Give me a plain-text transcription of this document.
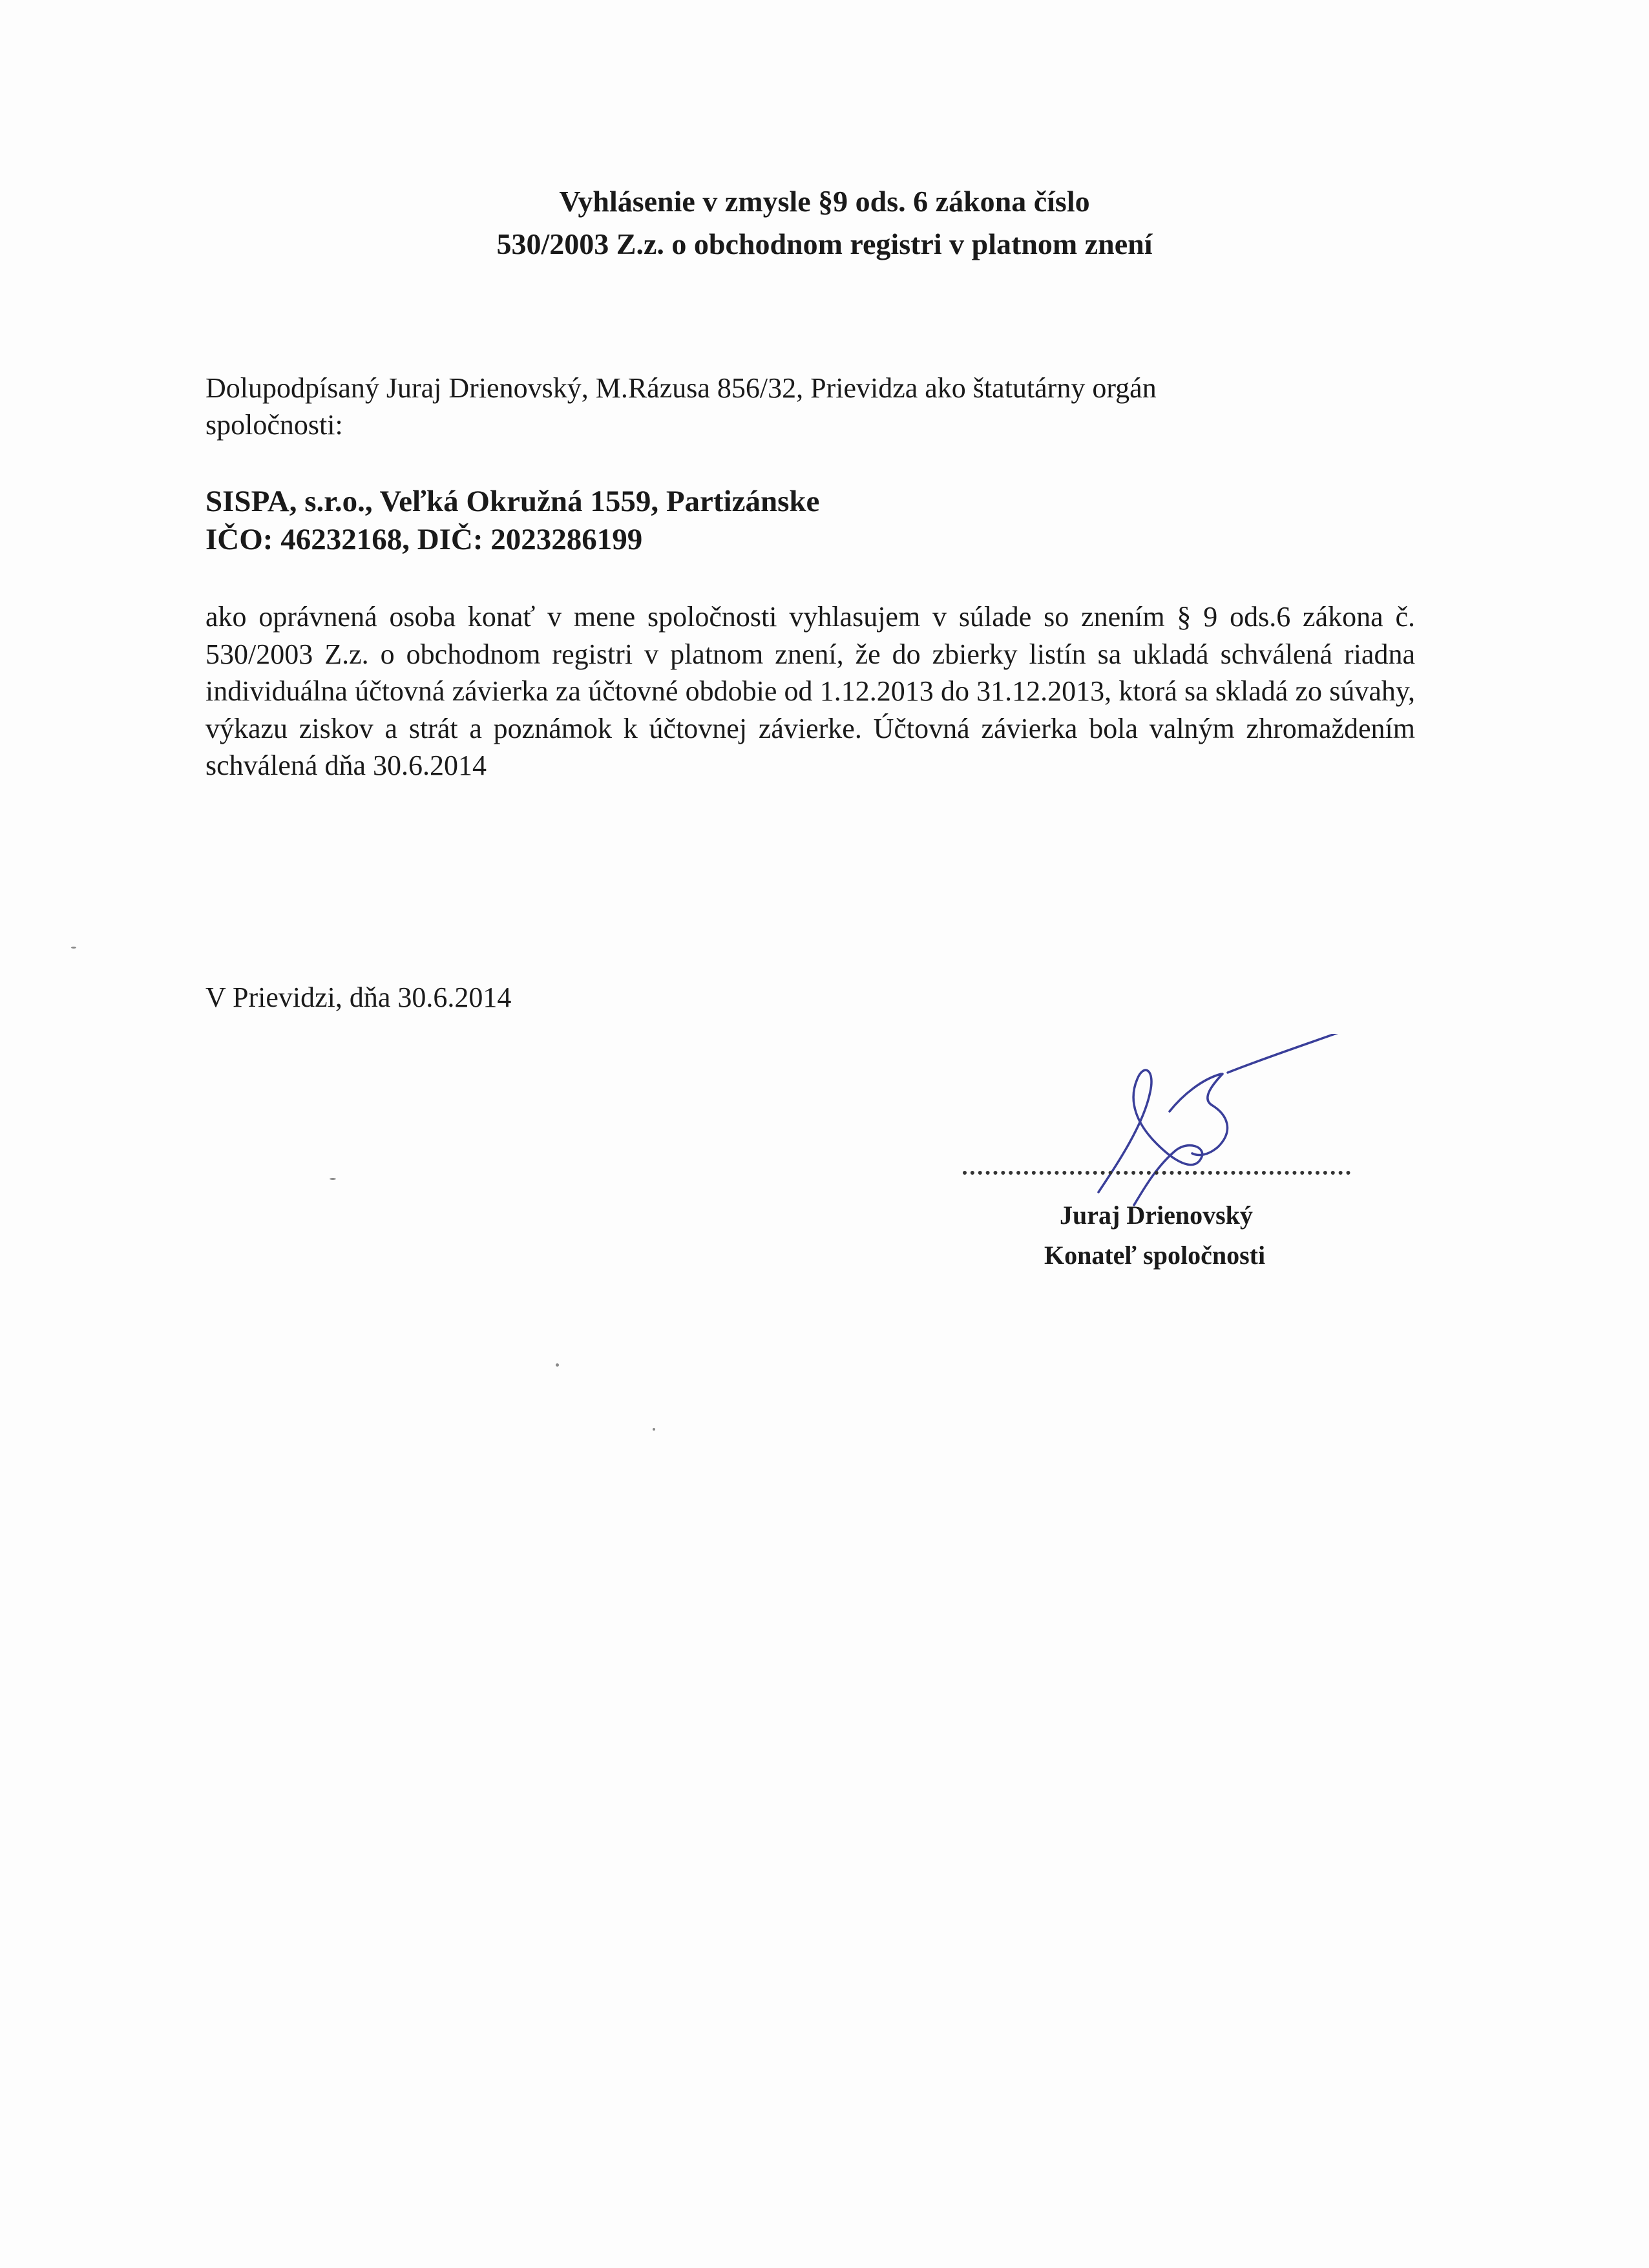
Vyhlásenie v zmysle §9 ods. 6 zákona číslo
530/2003 Z.z. o obchodnom registri v platnom znení
Dolupodpísaný Juraj Drienovský, M.Rázusa 856/32, Prievidza ako štatutárny orgán
spoločnosti:
SISPA, s.r.o., Veľká Okružná 1559, Partizánske
IČO: 46232168, DIČ: 2023286199
ako oprávnená osoba konať v mene spoločnosti vyhlasujem v súlade so znením § 9 ods.6 zákona č. 530/2003 Z.z. o obchodnom registri v platnom znení, že do zbierky listín sa ukladá schválená riadna individuálna účtovná závierka za účtovné obdobie od 1.12.2013 do 31.12.2013, ktorá sa skladá zo súvahy, výkazu ziskov a strát a poznámok k účtovnej závierke. Účtovná závierka bola valným zhromaždením schválená dňa 30.6.2014
V Prievidzi, dňa 30.6.2014
Juraj Drienovský
Konateľ spoločnosti
